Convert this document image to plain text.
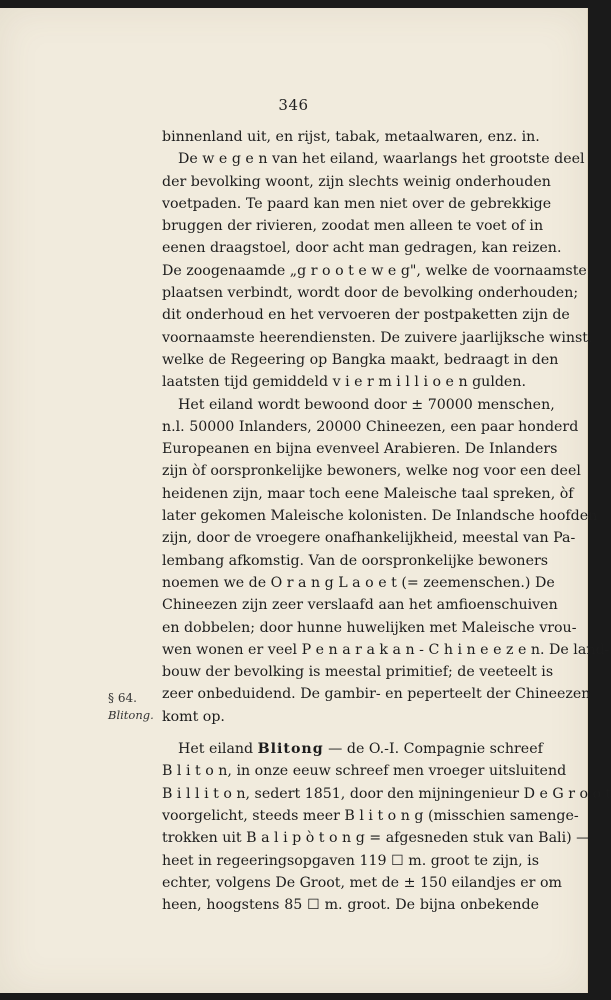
346
§ 64.
Blitong.
binnenland uit, en rijst, tabak, metaalwaren, enz. in.
De w e g e n van het eiland, waarlangs het grootste deel
der bevolking woont, zijn slechts weinig onderhouden
voetpaden. Te paard kan men niet over de gebrekkige
bruggen der rivieren, zoodat men alleen te voet of in
eenen draagstoel, door acht man gedragen, kan reizen.
De zoogenaamde „g r o o t e w e g", welke de voornaamste
plaatsen verbindt, wordt door de bevolking onderhouden;
dit onderhoud en het vervoeren der postpaketten zijn de
voornaamste heerendiensten. De zuivere jaarlijksche winst,
welke de Regeering op Bangka maakt, bedraagt in den
laatsten tijd gemiddeld v i e r m i l l i o e n gulden.
Het eiland wordt bewoond door ± 70000 menschen,
n.l. 50000 Inlanders, 20000 Chineezen, een paar honderd
Europeanen en bijna evenveel Arabieren. De Inlanders
zijn òf oorspronkelijke bewoners, welke nog voor een deel
heidenen zijn, maar toch eene Maleische taal spreken, òf
later gekomen Maleische kolonisten. De Inlandsche hoofden
zijn, door de vroegere onafhankelijkheid, meestal van Pa-
lembang afkomstig. Van de oorspronkelijke bewoners
noemen we de O r a n g L a o e t (= zeemenschen.) De
Chineezen zijn zeer verslaafd aan het amfioenschuiven
en dobbelen; door hunne huwelijken met Maleische vrou-
wen wonen er veel P e n a r a k a n - C h i n e e z e n. De land-
bouw der bevolking is meestal primitief; de veeteelt is
zeer onbeduidend. De gambir- en peperteelt der Chineezen
komt op.
Het eiland Blitong — de O.-I. Compagnie schreef
B l i t o n, in onze eeuw schreef men vroeger uitsluitend
B i l l i t o n, sedert 1851, door den mijningenieur D e G r o o t
voorgelicht, steeds meer B l i t o n g (misschien samenge-
trokken uit B a l i p ò t o n g = afgesneden stuk van Bali) —
heet in regeeringsopgaven 119 ☐ m. groot te zijn, is
echter, volgens De Groot, met de ± 150 eilandjes er om
heen, hoogstens 85 ☐ m. groot. De bijna onbekende
